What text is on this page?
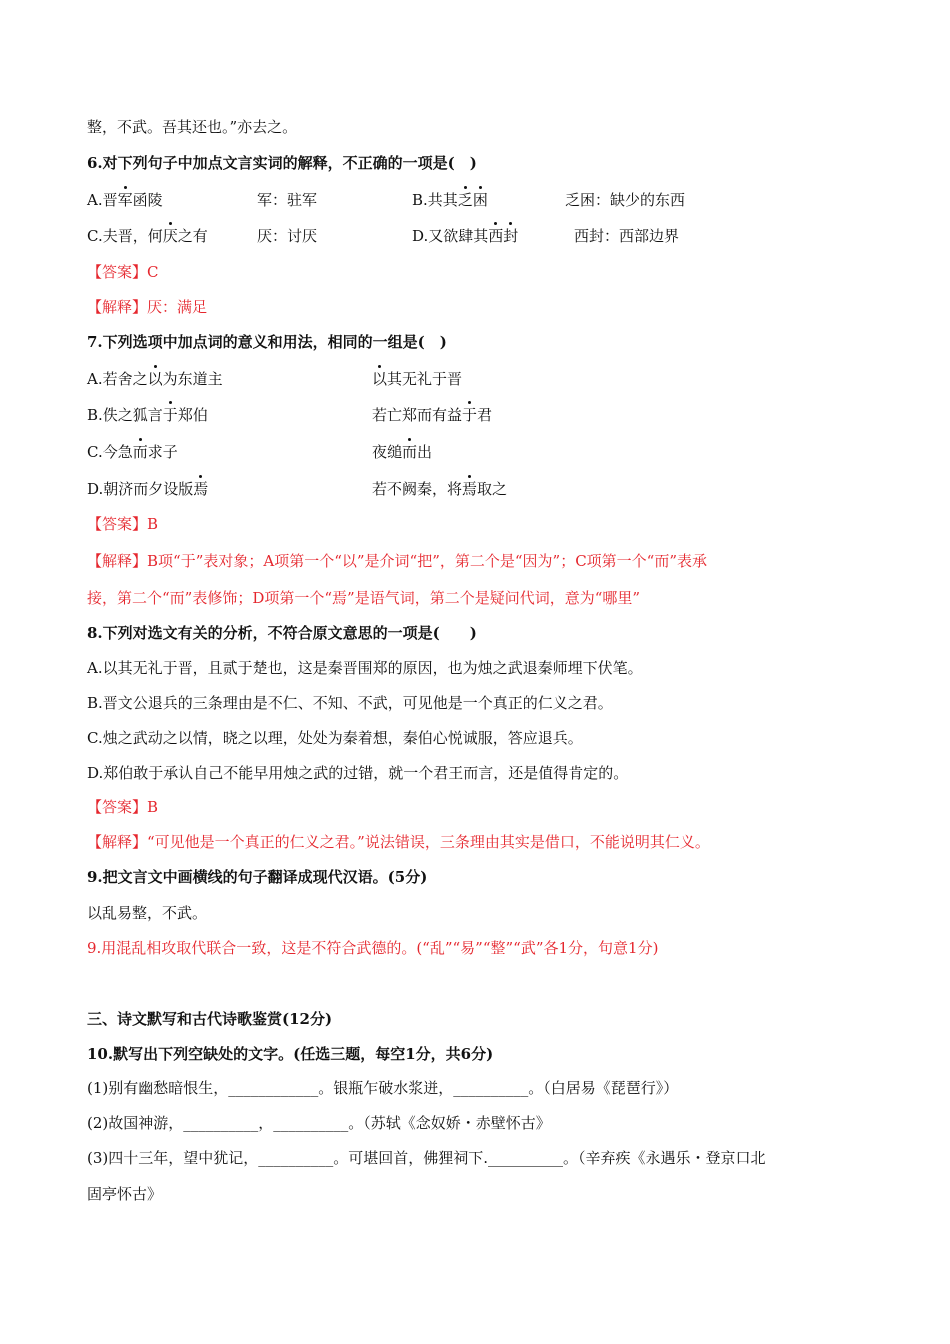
整，不武。吾其还也。”亦去之。
6.对下列句子中加点文言实词的解释，不正确的一项是(　)
A.晋军函陵	军：驻军	B.共其乏困	乏困：缺少的东西
C.夫晋，何厌之有	厌：讨厌	D.又欲肆其西封	西封：西部边界
【答案】C
【解释】厌：满足
7.下列选项中加点词的意义和用法，相同的一组是(　)
A.若舍之以为东道主	以其无礼于晋
B.佚之狐言于郑伯	若亡郑而有益于君
C.今急而求子	夜缒而出
D.朝济而夕设版焉	若不阙秦，将焉取之
【答案】B
【解释】B项“于”表对象；A项第一个“以”是介词“把”，第二个是“因为”；C项第一个“而”表承
接，第二个“而”表修饰；D项第一个“焉”是语气词，第二个是疑问代词，意为“哪里”
8.下列对选文有关的分析，不符合原文意思的一项是(　　)
A.以其无礼于晋，且贰于楚也，这是秦晋围郑的原因，也为烛之武退秦师埋下伏笔。
B.晋文公退兵的三条理由是不仁、不知、不武，可见他是一个真正的仁义之君。
C.烛之武动之以情，晓之以理，处处为秦着想，秦伯心悦诚服，答应退兵。
D.郑伯敢于承认自己不能早用烛之武的过错，就一个君王而言，还是值得肯定的。
【答案】B
【解释】“可见他是一个真正的仁义之君。”说法错误，三条理由其实是借口，不能说明其仁义。
9.把文言文中画横线的句子翻译成现代汉语。(5分)
以乱易整，不武。
9.用混乱相攻取代联合一致，这是不符合武德的。(“乱”“易”“整”“武”各1分，句意1分)
三、诗文默写和古代诗歌鉴赏(12分)
10.默写出下列空缺处的文字。(任选三题，每空1分，共6分)
(1)别有幽愁暗恨生，____________。银瓶乍破水浆迸，__________。（白居易《琵琶行》）
(2)故国神游，__________，__________。（苏轼《念奴娇・赤壁怀古》
(3)四十三年，望中犹记，__________。可堪回首，佛狸祠下.__________。（辛弃疾《永遇乐・登京口北
固亭怀古》
